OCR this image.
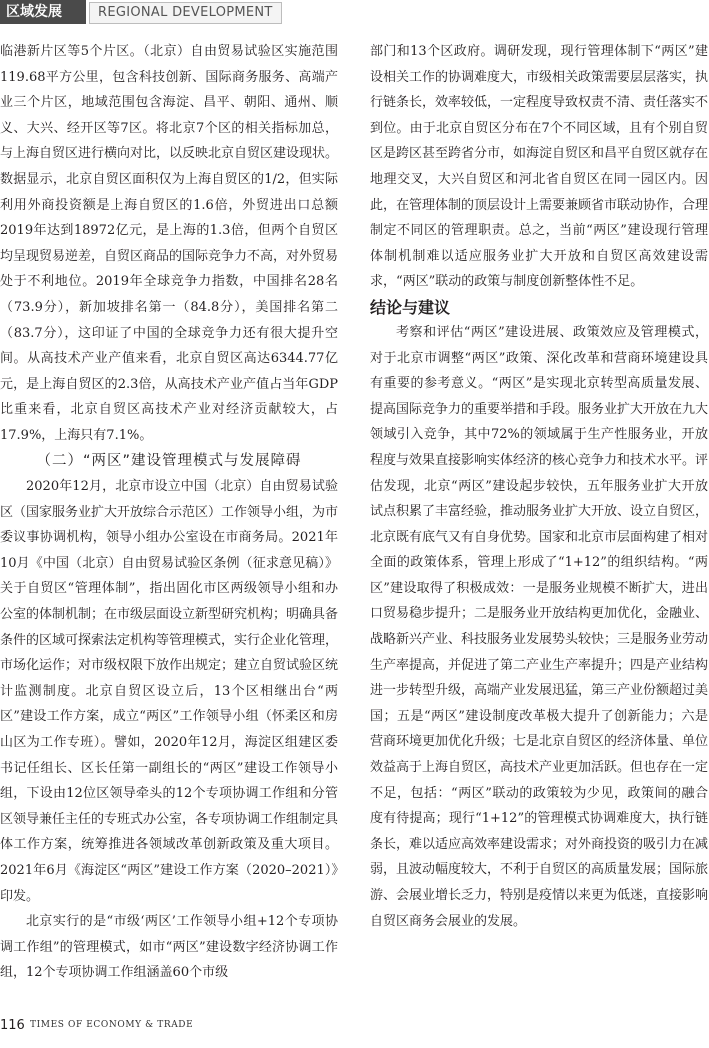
区域发展	REGIONAL DEVELOPMENT

临港新片区等5个片区。（北京）自由贸易试验区实施范围119.68平方公里，包含科技创新、国际商务服务、高端产业三个片区，地域范围包含海淀、昌平、朝阳、通州、顺义、大兴、经开区等7区。将北京7个区的相关指标加总，与上海自贸区进行横向对比，以反映北京自贸区建设现状。数据显示，北京自贸区面积仅为上海自贸区的1/2，但实际利用外商投资额是上海自贸区的1.6倍，外贸进出口总额2019年达到18972亿元，是上海的1.3倍，但两个自贸区均呈现贸易逆差，自贸区商品的国际竞争力不高，对外贸易处于不利地位。2019年全球竞争力指数，中国排名28名（73.9分），新加坡排名第一（84.8分），美国排名第二（83.7分），这印证了中国的全球竞争力还有很大提升空间。从高技术产业产值来看，北京自贸区高达6344.77亿元，是上海自贸区的2.3倍，从高技术产业产值占当年GDP比重来看，北京自贸区高技术产业对经济贡献较大，占17.9%，上海只有7.1%。

（二）“两区”建设管理模式与发展障碍

2020年12月，北京市设立中国（北京）自由贸易试验区（国家服务业扩大开放综合示范区）工作领导小组，为市委议事协调机构，领导小组办公室设在市商务局。2021年10月《中国（北京）自由贸易试验区条例（征求意见稿）》关于自贸区“管理体制”，指出固化市区两级领导小组和办公室的体制机制；在市级层面设立新型研究机构；明确具备条件的区域可探索法定机构等管理模式，实行企业化管理，市场化运作；对市级权限下放作出规定；建立自贸试验区统计监测制度。北京自贸区设立后，13个区相继出台“两区”建设工作方案，成立“两区”工作领导小组（怀柔区和房山区为工作专班）。譬如，2020年12月，海淀区组建区委书记任组长、区长任第一副组长的“两区”建设工作领导小组，下设由12位区领导牵头的12个专项协调工作组和分管区领导兼任主任的专班式办公室，各专项协调工作组制定具体工作方案，统筹推进各领域改革创新政策及重大项目。2021年6月《海淀区“两区”建设工作方案（2020–2021）》印发。

北京实行的是“市级‘两区’工作领导小组+12个专项协调工作组”的管理模式，如市“两区”建设数字经济协调工作组，12个专项协调工作组涵盖60个市级

部门和13个区政府。调研发现，现行管理体制下“两区”建设相关工作的协调难度大，市级相关政策需要层层落实，执行链条长，效率较低，一定程度导致权责不清、责任落实不到位。由于北京自贸区分布在7个不同区域，且有个别自贸区是跨区甚至跨省分市，如海淀自贸区和昌平自贸区就存在地理交叉，大兴自贸区和河北省自贸区在同一园区内。因此，在管理体制的顶层设计上需要兼顾省市联动协作，合理制定不同区的管理职责。总之，当前“两区”建设现行管理体制机制难以适应服务业扩大开放和自贸区高效建设需求，“两区”联动的政策与制度创新整体性不足。

结论与建议

考察和评估“两区”建设进展、政策效应及管理模式，对于北京市调整“两区”政策、深化改革和营商环境建设具有重要的参考意义。“两区”是实现北京转型高质量发展、提高国际竞争力的重要举措和手段。服务业扩大开放在九大领域引入竞争，其中72%的领域属于生产性服务业，开放程度与效果直接影响实体经济的核心竞争力和技术水平。评估发现，北京“两区”建设起步较快，五年服务业扩大开放试点积累了丰富经验，推动服务业扩大开放、设立自贸区，北京既有底气又有自身优势。国家和北京市层面构建了相对全面的政策体系，管理上形成了“1+12”的组织结构。“两区”建设取得了积极成效：一是服务业规模不断扩大，进出口贸易稳步提升；二是服务业开放结构更加优化，金融业、战略新兴产业、科技服务业发展势头较快；三是服务业劳动生产率提高，并促进了第二产业生产率提升；四是产业结构进一步转型升级，高端产业发展迅猛，第三产业份额超过美国；五是“两区”建设制度改革极大提升了创新能力；六是营商环境更加优化升级；七是北京自贸区的经济体量、单位效益高于上海自贸区，高技术产业更加活跃。但也存在一定不足，包括：“两区”联动的政策较为少见，政策间的融合度有待提高；现行“1+12”的管理模式协调难度大，执行链条长，难以适应高效率建设需求；对外商投资的吸引力在减弱，且波动幅度较大，不利于自贸区的高质量发展；国际旅游、会展业增长乏力，特别是疫情以来更为低迷，直接影响自贸区商务会展业的发展。

116 TIMES OF ECONOMY & TRADE
